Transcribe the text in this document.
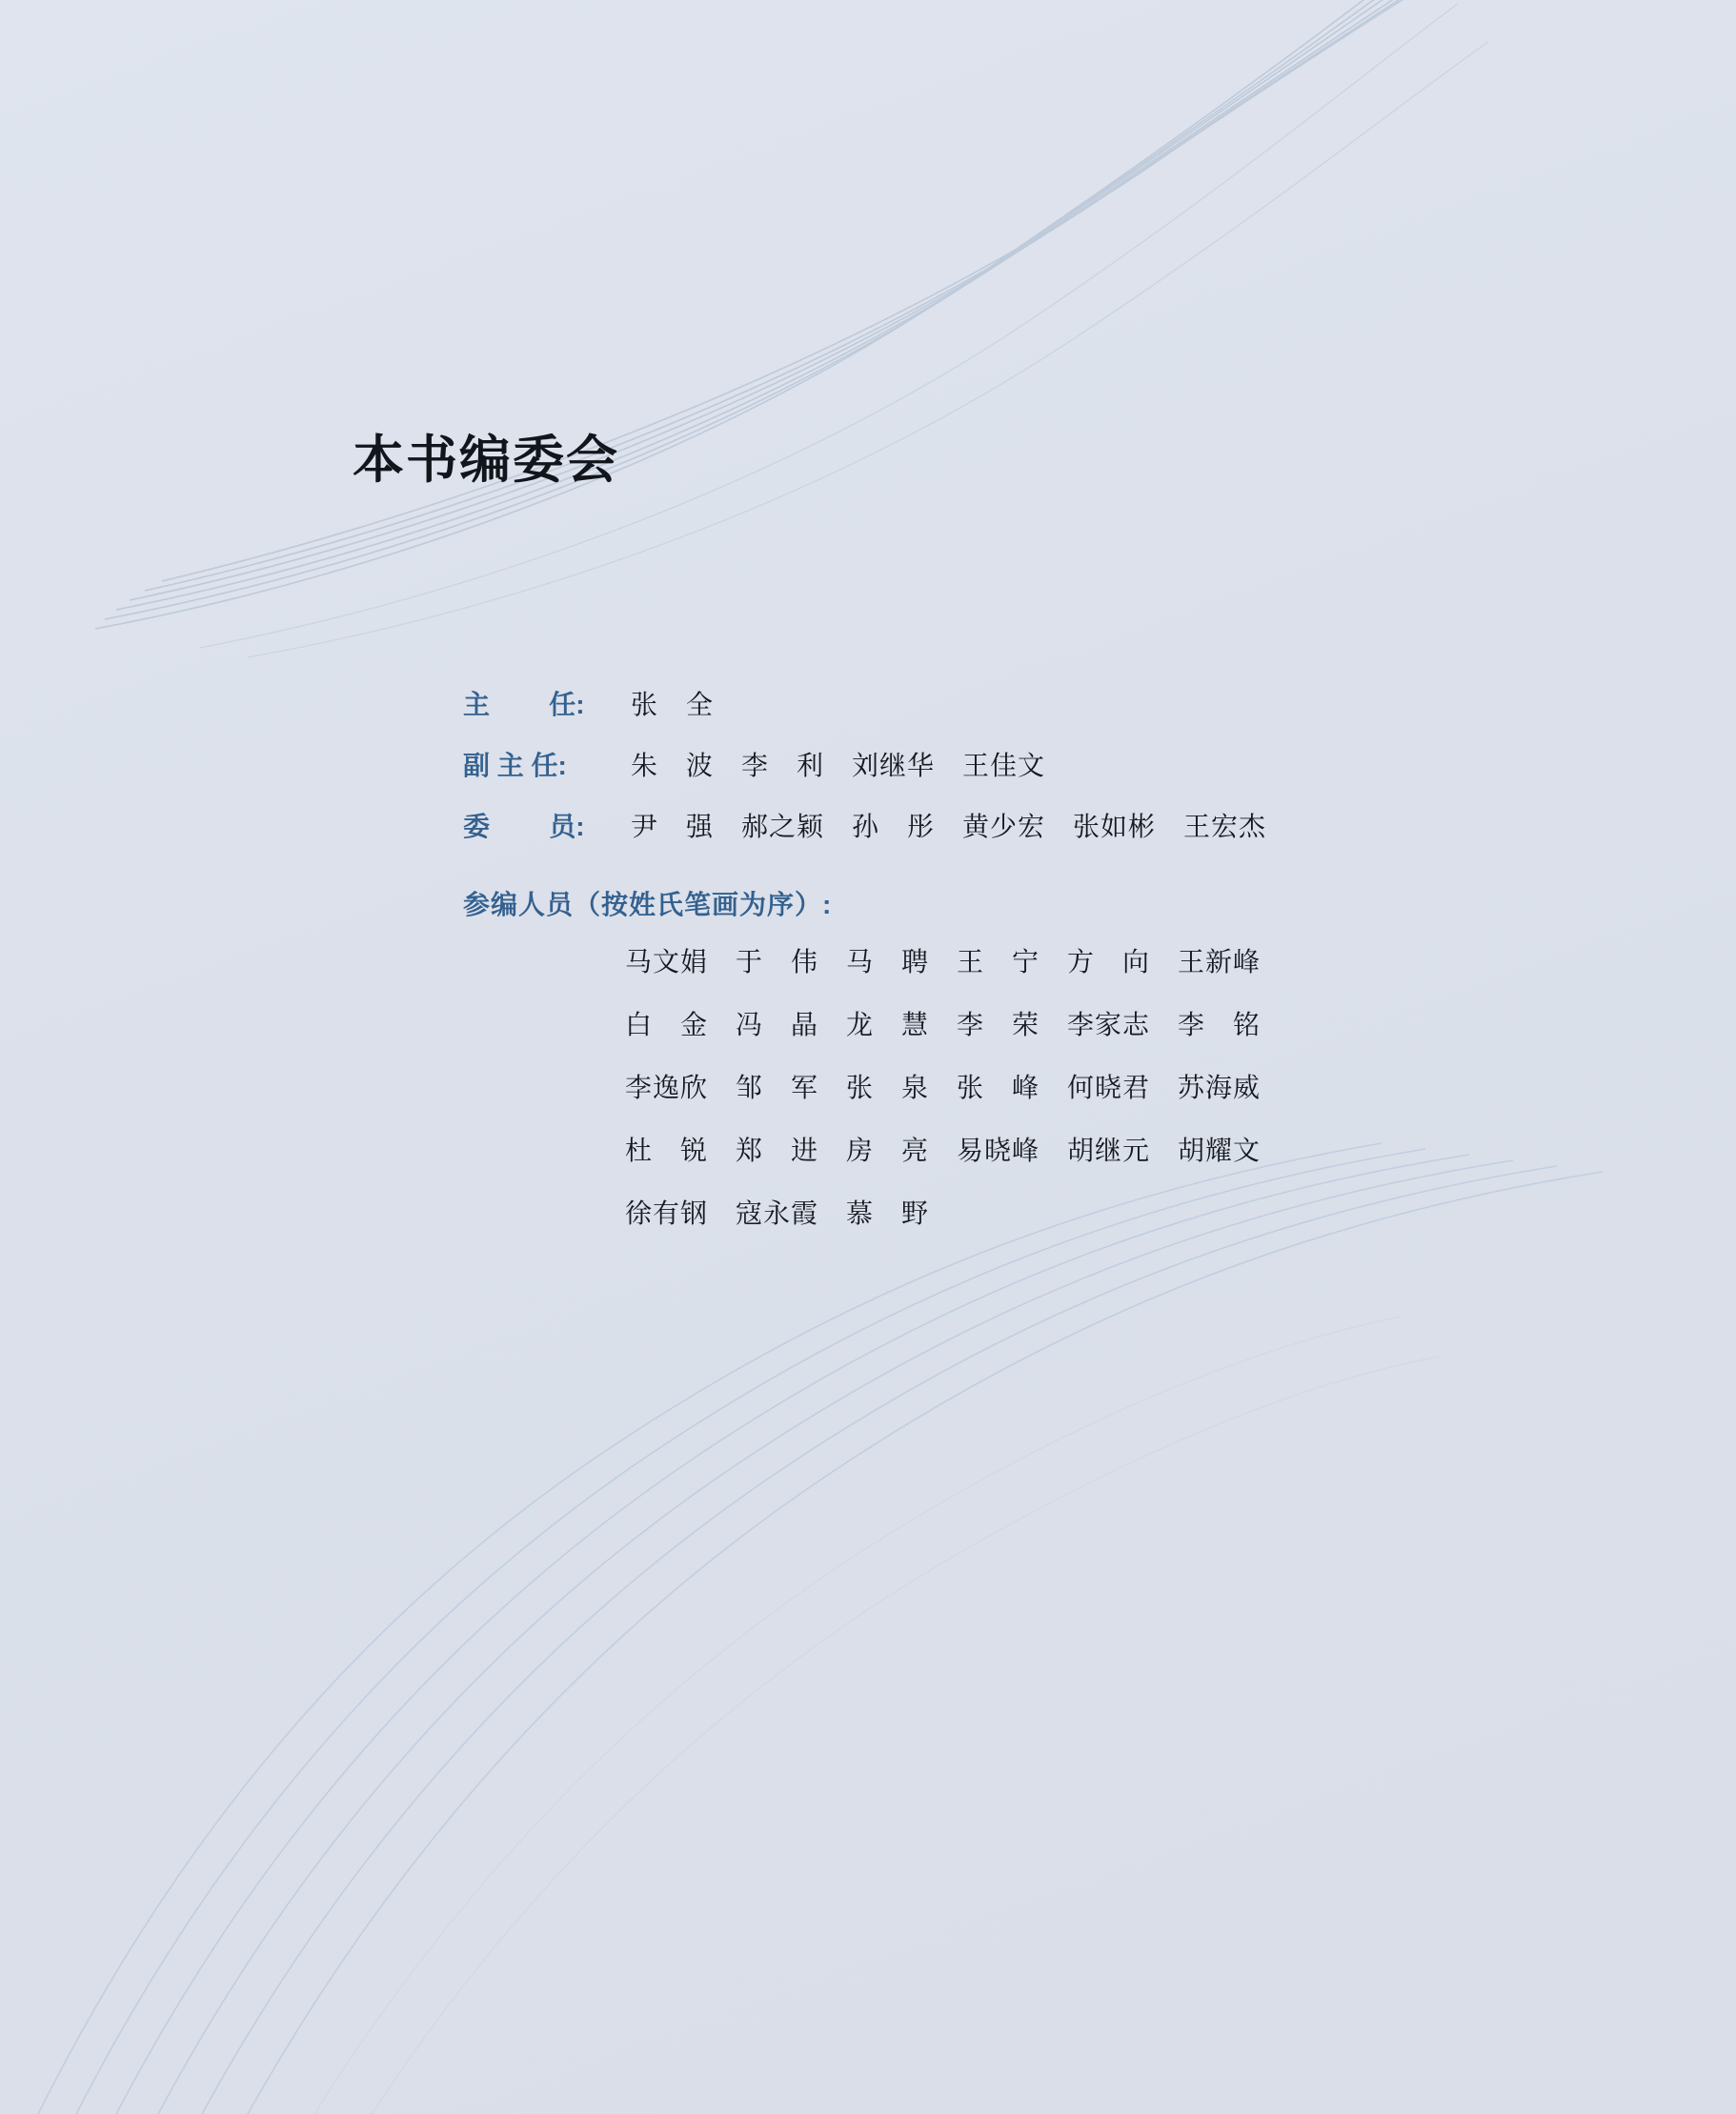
本书编委会
主        任:	张　全
副 主 任:	朱　波　李　利　刘继华　王佳文
委        员:	尹　强　郝之颖　孙　彤　黄少宏　张如彬　王宏杰
参编人员（按姓氏笔画为序）:
马文娟　于　伟　马　聘　王　宁　方　向　王新峰
白　金　冯　晶　龙　慧　李　荣　李家志　李　铭
李逸欣　邹　军　张　泉　张　峰　何晓君　苏海威
杜　锐　郑　进　房　亮　易晓峰　胡继元　胡耀文
徐有钢　寇永霞　慕　野
